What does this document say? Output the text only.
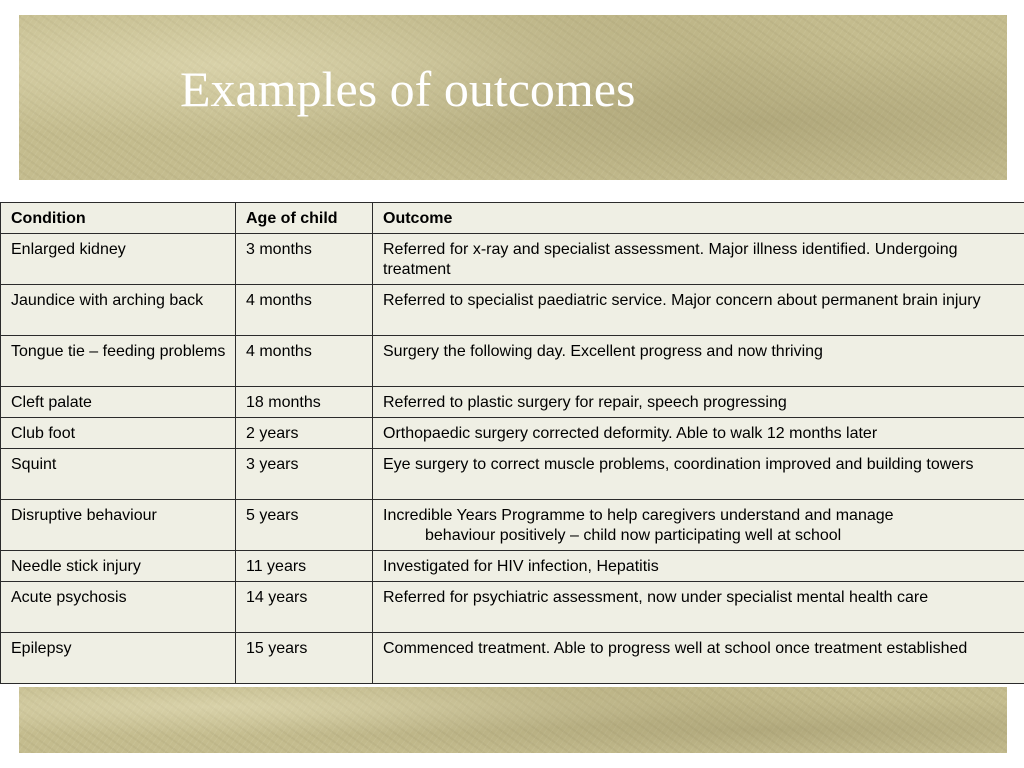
Examples of outcomes
Condition	Age of child	Outcome
Enlarged kidney	3 months	Referred for x-ray and specialist assessment. Major illness identified. Undergoing treatment
Jaundice with arching back	4 months	Referred to specialist paediatric service. Major concern about permanent brain injury
Tongue tie – feeding problems	4 months	Surgery the following day. Excellent progress and now thriving
Cleft palate	18 months	Referred to plastic surgery for repair, speech progressing
Club foot	2 years	Orthopaedic surgery corrected deformity. Able to walk 12 months later
Squint	3 years	Eye surgery to correct muscle problems, coordination improved and building towers
Disruptive behaviour	5 years	Incredible Years Programme to help caregivers understand and manage
behaviour positively – child now participating well at school

Needle stick injury	11 years	Investigated for HIV infection, Hepatitis
Acute psychosis	14 years	Referred for psychiatric assessment, now under specialist mental health care
Epilepsy	15 years	Commenced treatment. Able to progress well at school once treatment established
